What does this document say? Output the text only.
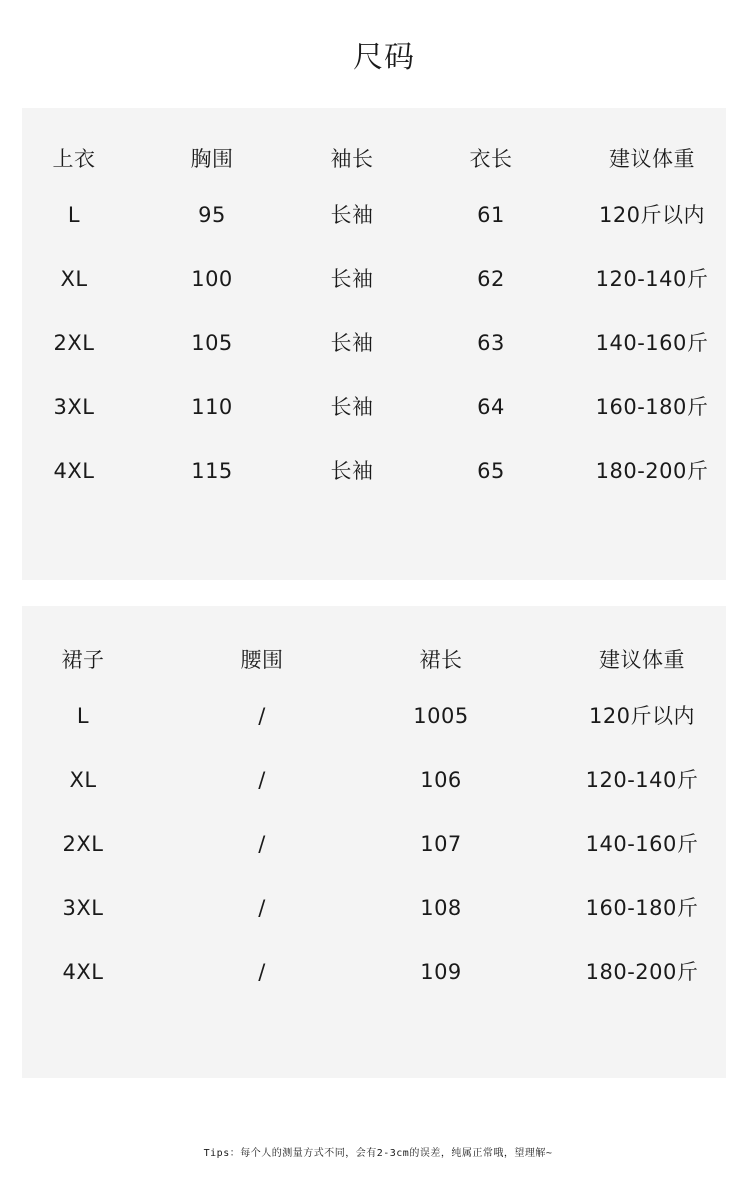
尺码
上衣	胸围	袖长	衣长	建议体重
L	95	长袖	61	120斤以内
XL	100	长袖	62	120-140斤
2XL	105	长袖	63	140-160斤
3XL	110	长袖	64	160-180斤
4XL	115	长袖	65	180-200斤
裙子	腰围	裙长	建议体重
L	/	1005	120斤以内
XL	/	106	120-140斤
2XL	/	107	140-160斤
3XL	/	108	160-180斤
4XL	/	109	180-200斤
Tips：每个人的测量方式不同，会有2-3cm的误差，纯属正常哦，望理解~
